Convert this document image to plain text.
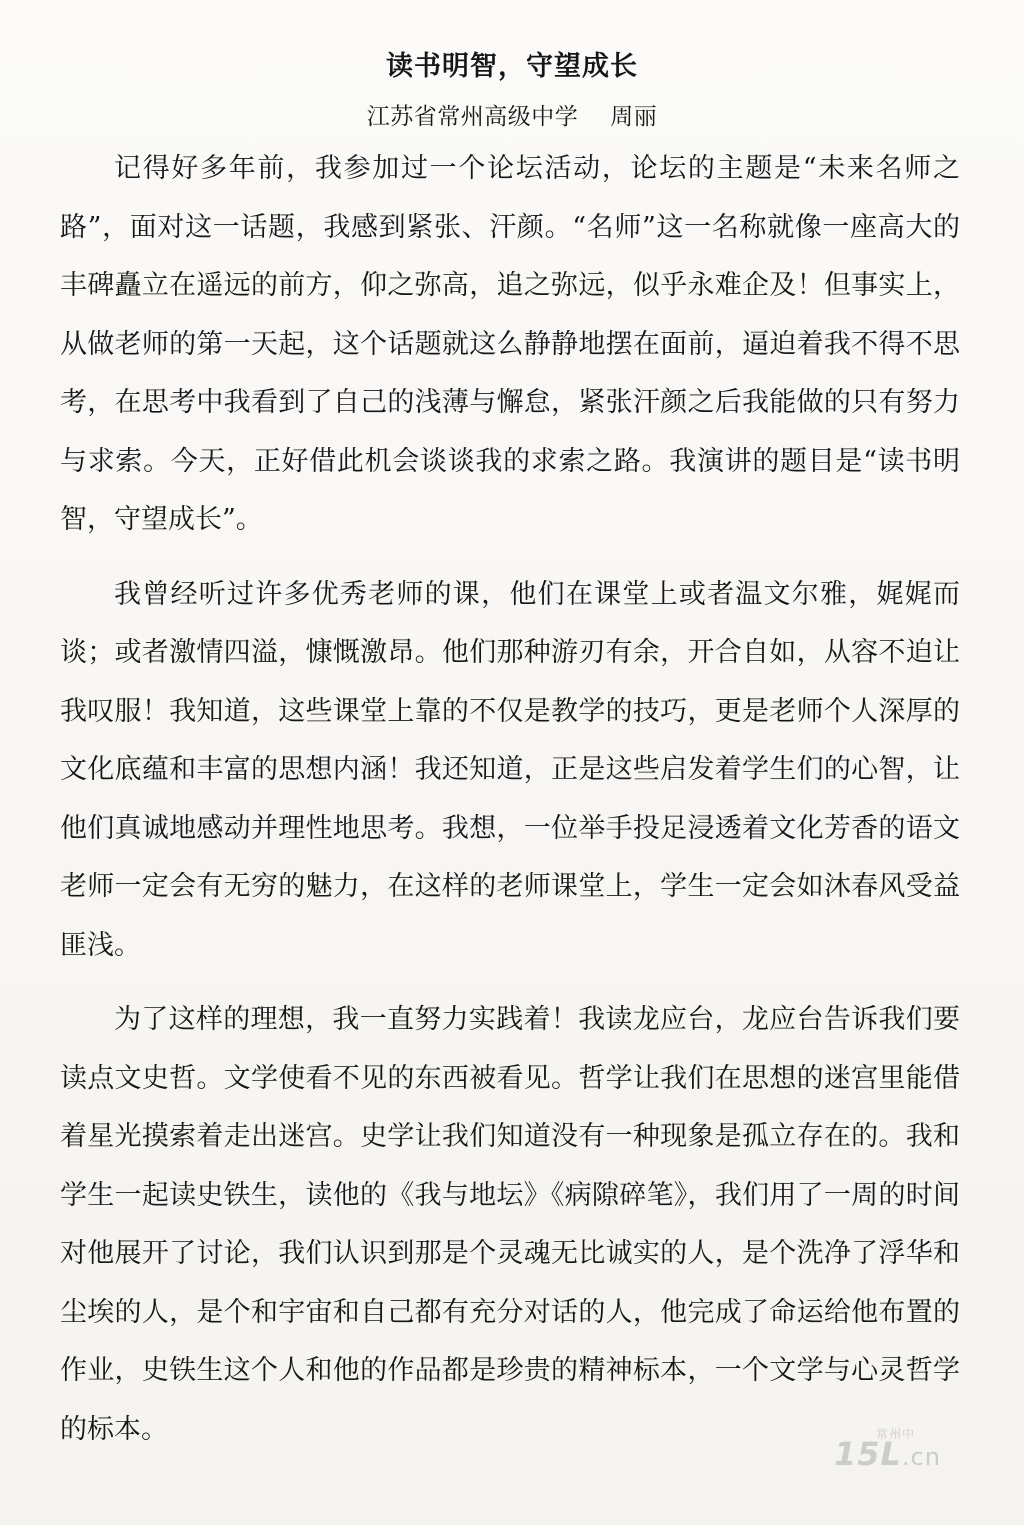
读书明智，守望成长
江苏省常州高级中学 周丽

记得好多年前，我参加过一个论坛活动，论坛的主题是“未来名师之路”，面对这一话题，我感到紧张、汗颜。“名师”这一名称就像一座高大的丰碑矗立在遥远的前方，仰之弥高，追之弥远，似乎永难企及！但事实上，从做老师的第一天起，这个话题就这么静静地摆在面前，逼迫着我不得不思考，在思考中我看到了自己的浅薄与懈怠，紧张汗颜之后我能做的只有努力与求索。今天，正好借此机会谈谈我的求索之路。我演讲的题目是“读书明智，守望成长”。

我曾经听过许多优秀老师的课，他们在课堂上或者温文尔雅，娓娓而谈；或者激情四溢，慷慨激昂。他们那种游刃有余，开合自如，从容不迫让我叹服！我知道，这些课堂上靠的不仅是教学的技巧，更是老师个人深厚的文化底蕴和丰富的思想内涵！我还知道，正是这些启发着学生们的心智，让他们真诚地感动并理性地思考。我想，一位举手投足浸透着文化芳香的语文老师一定会有无穷的魅力，在这样的老师课堂上，学生一定会如沐春风受益匪浅。

为了这样的理想，我一直努力实践着！我读龙应台，龙应台告诉我们要读点文史哲。文学使看不见的东西被看见。哲学让我们在思想的迷宫里能借着星光摸索着走出迷宫。史学让我们知道没有一种现象是孤立存在的。我和学生一起读史铁生，读他的《我与地坛》《病隙碎笔》，我们用了一周的时间对他展开了讨论，我们认识到那是个灵魂无比诚实的人，是个洗净了浮华和尘埃的人，是个和宇宙和自己都有充分对话的人，他完成了命运给他布置的作业，史铁生这个人和他的作品都是珍贵的精神标本，一个文学与心灵哲学的标本。	常州中
15L.cn
